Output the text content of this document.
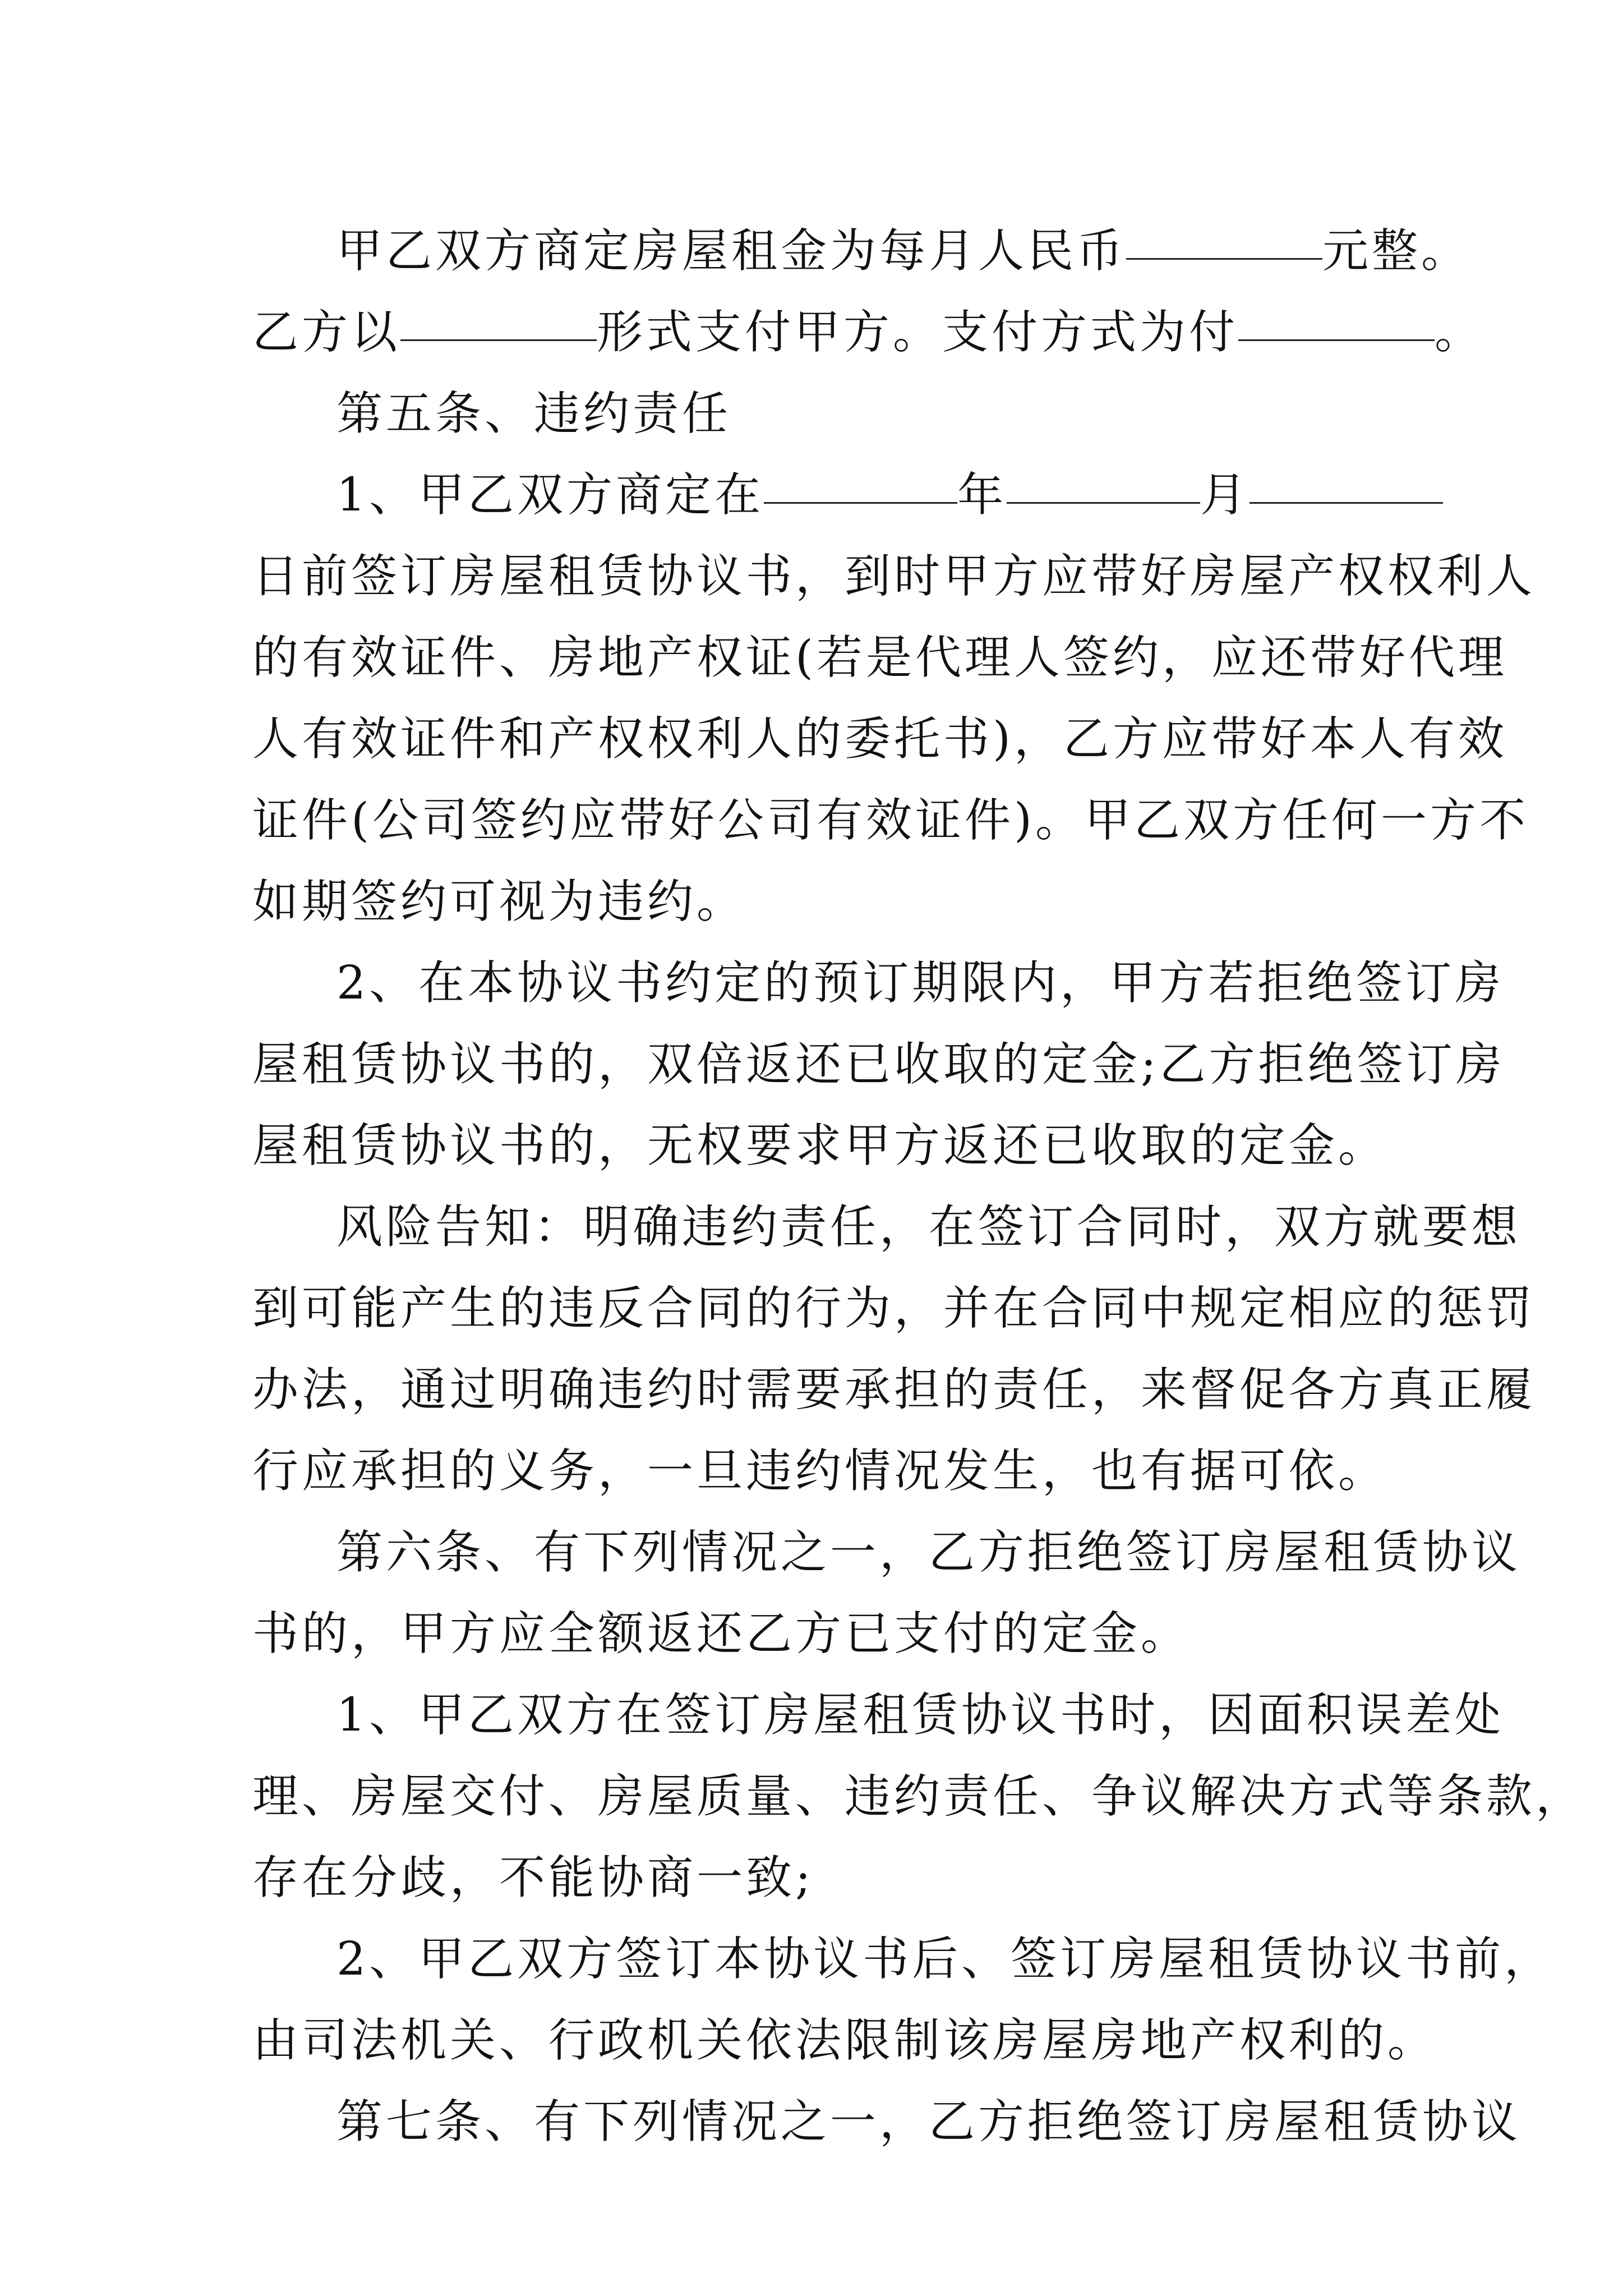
甲乙双方商定房屋租金为每月人民币	元整。
乙方以	形式支付甲方。支付方式为付	。
第五条、违约责任
1、甲乙双方商定在	年	月
日前签订房屋租赁协议书，到时甲方应带好房屋产权权利人
的有效证件、房地产权证(若是代理人签约，应还带好代理
人有效证件和产权权利人的委托书)，乙方应带好本人有效
证件(公司签约应带好公司有效证件)。甲乙双方任何一方不
如期签约可视为违约。
2、在本协议书约定的预订期限内，甲方若拒绝签订房
屋租赁协议书的，双倍返还已收取的定金;乙方拒绝签订房
屋租赁协议书的，无权要求甲方返还已收取的定金。
风险告知：明确违约责任，在签订合同时，双方就要想
到可能产生的违反合同的行为，并在合同中规定相应的惩罚
办法，通过明确违约时需要承担的责任，来督促各方真正履
行应承担的义务，一旦违约情况发生，也有据可依。
第六条、有下列情况之一，乙方拒绝签订房屋租赁协议
书的，甲方应全额返还乙方已支付的定金。
1、甲乙双方在签订房屋租赁协议书时，因面积误差处
理、房屋交付、房屋质量、违约责任、争议解决方式等条款，
存在分歧，不能协商一致;
2、甲乙双方签订本协议书后、签订房屋租赁协议书前，
由司法机关、行政机关依法限制该房屋房地产权利的。
第七条、有下列情况之一，乙方拒绝签订房屋租赁协议
